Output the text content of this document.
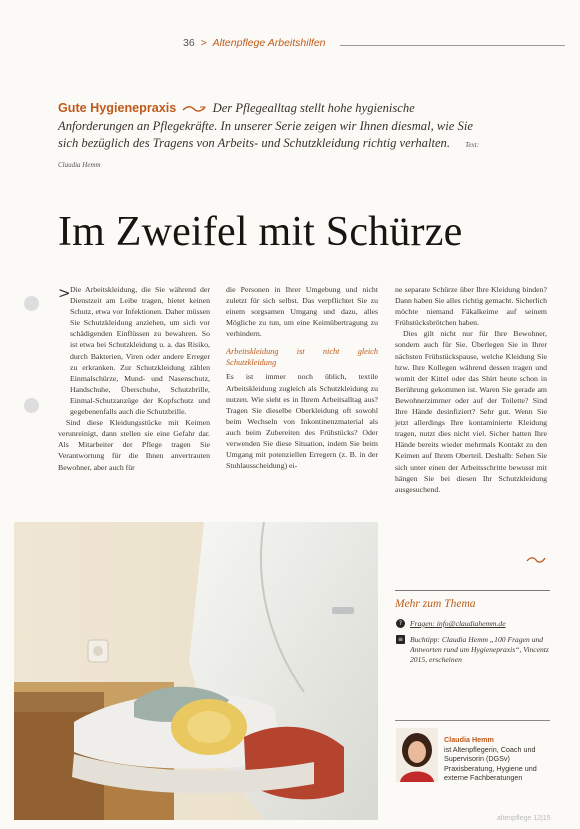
36 > Altenpflege Arbeitshilfen
Gute Hygienepraxis	Der Pflegealltag stellt hohe hygienische Anforderungen an Pflegekräfte. In unserer Serie zeigen wir Ihnen diesmal, wie Sie sich bezüglich des Tragens von Arbeits- und Schutzkleidung richtig verhalten. Text: Claudia Hemm
Im Zweifel mit Schürze

Die Arbeitskleidung, die Sie während der Dienstzeit am Leibe tragen, bietet keinen Schutz, etwa vor Infektionen. Daher müssen Sie Schutzkleidung anziehen, um sich vor schädigenden Einflüssen zu bewahren. So ist etwa bei Schutzkleidung u. a. das Risiko, durch Bakterien, Viren oder andere Erreger zu erkranken. Zur Schutzkleidung zählen Einmalschürze, Mund- und Nasenschutz, Handschuhe, Überschuhe, Schutzbrille, Einmal-Schutzanzüge der Kopfschutz und gegebenenfalls auch die Schutzbrille.

Sind diese Kleidungsstücke mit Keimen verunreinigt, dann stellen sie eine Gefahr dar. Als Mitarbeiter der Pflege tragen Sie Verantwortung für die Ihnen anvertrauten Bewohner, aber auch für

>	die Personen in Ihrer Umgebung und nicht zuletzt für sich selbst. Das verpflichtet Sie zu einem sorgsamen Umgang und dazu, alles Mögliche zu tun, um eine Keimübertragung zu verhindern.

Arbeitskleidung ist nicht gleich Schutzkleidung

Es ist immer noch üblich, textile Arbeitskleidung zugleich als Schutzkleidung zu nutzen. Wie sieht es in Ihrem Arbeitsalltag aus? Tragen Sie dieselbe Oberkleidung oft sowohl beim Wechseln von Inkontinenzmaterial als auch beim Zubereiten des Frühstücks? Oder verwenden Sie diese Situation, indem Sie beim Umgang mit potenziellen Erregern (z. B. in der Stuhlausscheidung) ei-

ne separate Schürze über Ihre Kleidung binden? Dann haben Sie alles richtig gemacht. Sicherlich möchte niemand Fäkalkeime auf seinem Frühstücksbrötchen haben.

Dies gilt nicht nur für Ihre Bewohner, sondern auch für Sie. Überlegen Sie in Ihrer nächsten Frühstückspause, welche Kleidung Sie bzw. Ihre Kollegen während dessen tragen und womit der Kittel oder das Shirt heute schon in Berührung gekommen ist. Waren Sie gerade am Bewohnerzimmer oder auf der Toilette? Sind Ihre Hände desinfiziert? Sehr gut. Wenn Sie jetzt allerdings Ihre kontaminierte Kleidung tragen, nutzt dies nicht viel. Sicher hatten Ihre Hände bereits wieder mehrmals Kontakt zu den Keimen auf Ihrem Oberteil. Deshalb: Sehen Sie sich unter einen der Arbeitsschritte bewusst mit hängen Sie bei diesen Ihr Schutzkleidung ausgesuchend.

Mehr zum Thema
?	Fragen: info@claudiahemm.de
≡ Buchtipp: Claudia Hemm „100 Fragen und Antworten rund um Hygienepraxis“, Vincentz 2015, erscheinen
Claudia Hemm
ist Altenpflegerin, Coach und Supervisorin (DGSv) Praxisberatung, Hygiene und externe Fachberatungen
altenpflege 12|15
